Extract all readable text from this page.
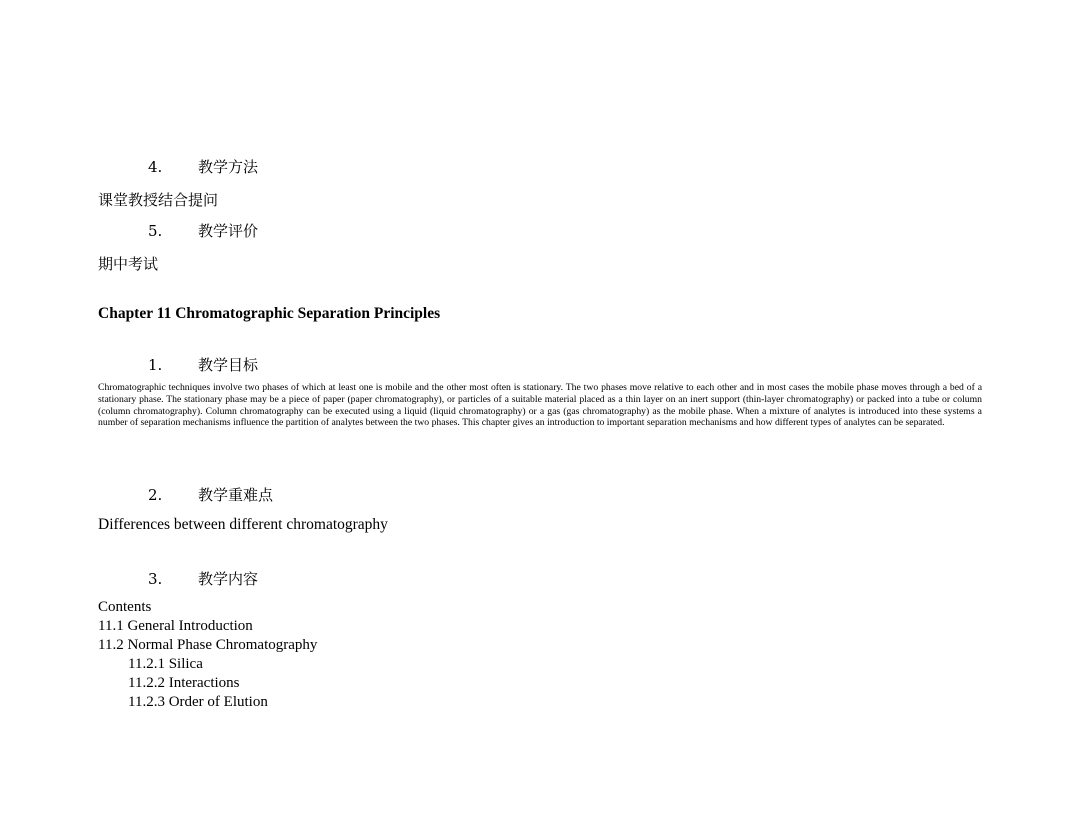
4. 教学方法
课堂教授结合提问
5. 教学评价
期中考试
Chapter 11 Chromatographic Separation Principles
1. 教学目标
Chromatographic techniques involve two phases of which at least one is mobile and the other most often is stationary. The two phases move relative to each other and in most cases the mobile phase moves through a bed of a stationary phase. The stationary phase may be a piece of paper (paper chromatography), or particles of a suitable material placed as a thin layer on an inert support (thin-layer chromatography) or packed into a tube or column (column chromatography). Column chromatography can be executed using a liquid (liquid chromatography) or a gas (gas chromatography) as the mobile phase. When a mixture of analytes is introduced into these systems a number of separation mechanisms influence the partition of analytes between the two phases. This chapter gives an introduction to important separation mechanisms and how different types of analytes can be separated.
2. 教学重难点
Differences between different chromatography
3. 教学内容
Contents
11.1 General Introduction
11.2 Normal Phase Chromatography
11.2.1 Silica
11.2.2 Interactions
11.2.3 Order of Elution
